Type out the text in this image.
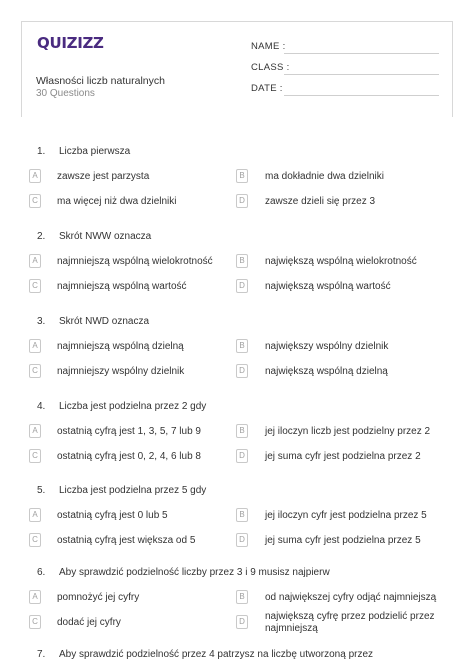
QUIZIZZ
Własności liczb naturalnych
30 Questions
NAME :
CLASS :
DATE :
1. Liczba pierwsza
A	zawsze jest parzysta	B	ma dokładnie dwa dzielniki
C	ma więcej niż dwa dzielniki	D	zawsze dzieli się przez 3
2. Skrót NWW oznacza
A	najmniejszą wspólną wielokrotność	B	największą wspólną wielokrotność
C	najmniejszą wspólną wartość	D	największą wspólną wartość
3. Skrót NWD oznacza
A	najmniejszą wspólną dzielną	B	największy wspólny dzielnik
C	najmniejszy wspólny dzielnik	D	największą wspólną dzielną
4. Liczba jest podzielna przez 2 gdy
A	ostatnią cyfrą jest 1, 3, 5, 7 lub 9	B	jej iloczyn liczb jest podzielny przez 2
C	ostatnią cyfrą jest 0, 2, 4, 6 lub 8	D	jej suma cyfr jest podzielna przez 2
5. Liczba jest podzielna przez 5 gdy
A	ostatnią cyfrą jest 0 lub 5	B	jej iloczyn cyfr jest podzielna przez 5
C	ostatnią cyfrą jest większa od 5	D	jej suma cyfr jest podzielna przez 5
6. Aby sprawdzić podzielność liczby przez 3 i 9 musisz najpierw
A	pomnożyć jej cyfry	B	od największej cyfry odjąć najmniejszą
C	dodać jej cyfry	D	największą cyfrę przez podzielić przez najmniejszą
7. Aby sprawdzić podzielność przez 4 patrzysz na liczbę utworzoną przez
